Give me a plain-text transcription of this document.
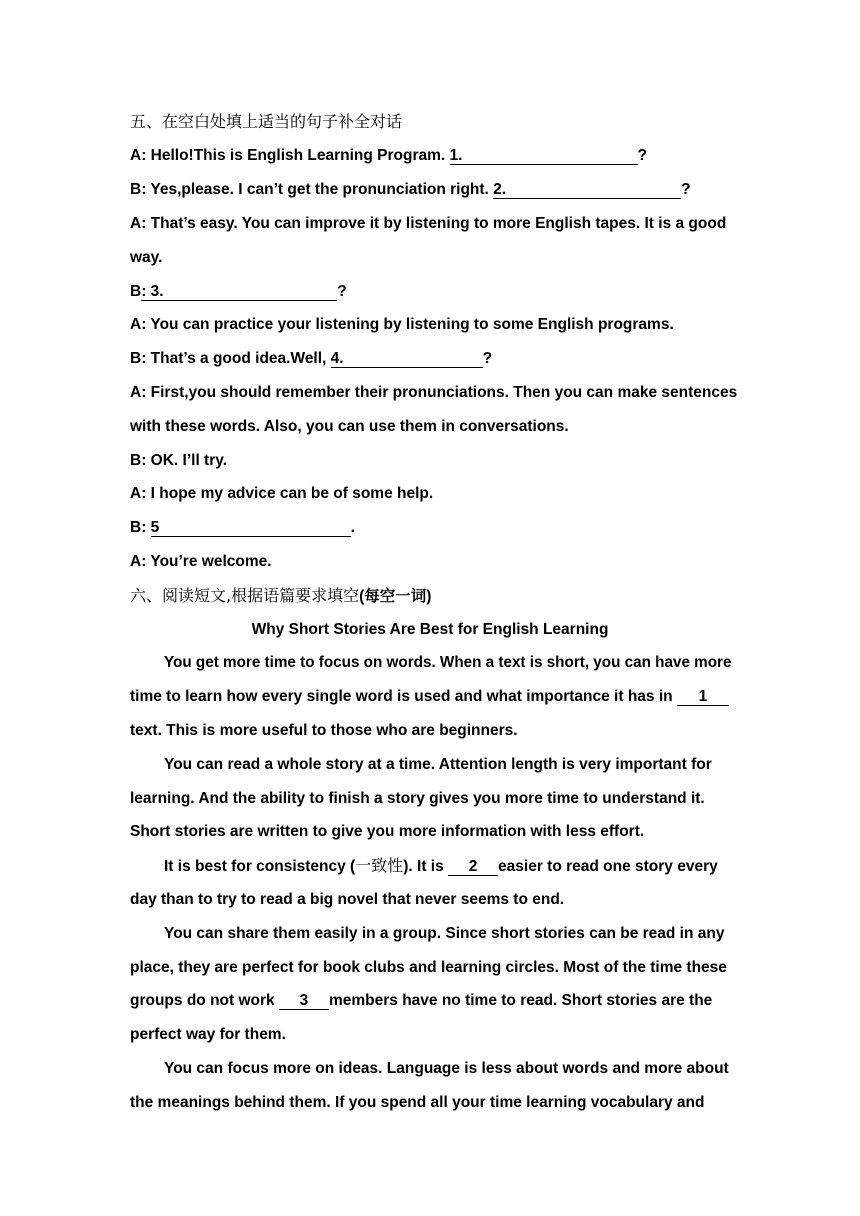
五、在空白处填上适当的句子补全对话
A: Hello!This is English Learning Program. 1.	?
B: Yes,please. I can’t get the pronunciation right. 2.	?
A: That’s easy. You can improve it by listening to more English tapes. It is a good
way.
B: 3.	?
A: You can practice your listening by listening to some English programs.
B: That’s a good idea.Well, 4.	?
A: First,you should remember their pronunciations. Then you can make sentences
with these words. Also, you can use them in conversations.
B: OK. I’ll try.
A: I hope my advice can be of some help.
B: 5	.
A: You’re welcome.
六、阅读短文,根据语篇要求填空(每空一词)
Why Short Stories Are Best for English Learning
You get more time to focus on words. When a text is short, you can have more
time to learn how every single word is used and what importance it has in 1
text. This is more useful to those who are beginners.
You can read a whole story at a time. Attention length is very important for
learning. And the ability to finish a story gives you more time to understand it.
Short stories are written to give you more information with less effort.
It is best for consistency (一致性). It is 2 easier to read one story every
day than to try to read a big novel that never seems to end.
You can share them easily in a group. Since short stories can be read in any
place, they are perfect for book clubs and learning circles. Most of the time these
groups do not work 3 members have no time to read. Short stories are the
perfect way for them.
You can focus more on ideas. Language is less about words and more about
the meanings behind them. If you spend all your time learning vocabulary and
